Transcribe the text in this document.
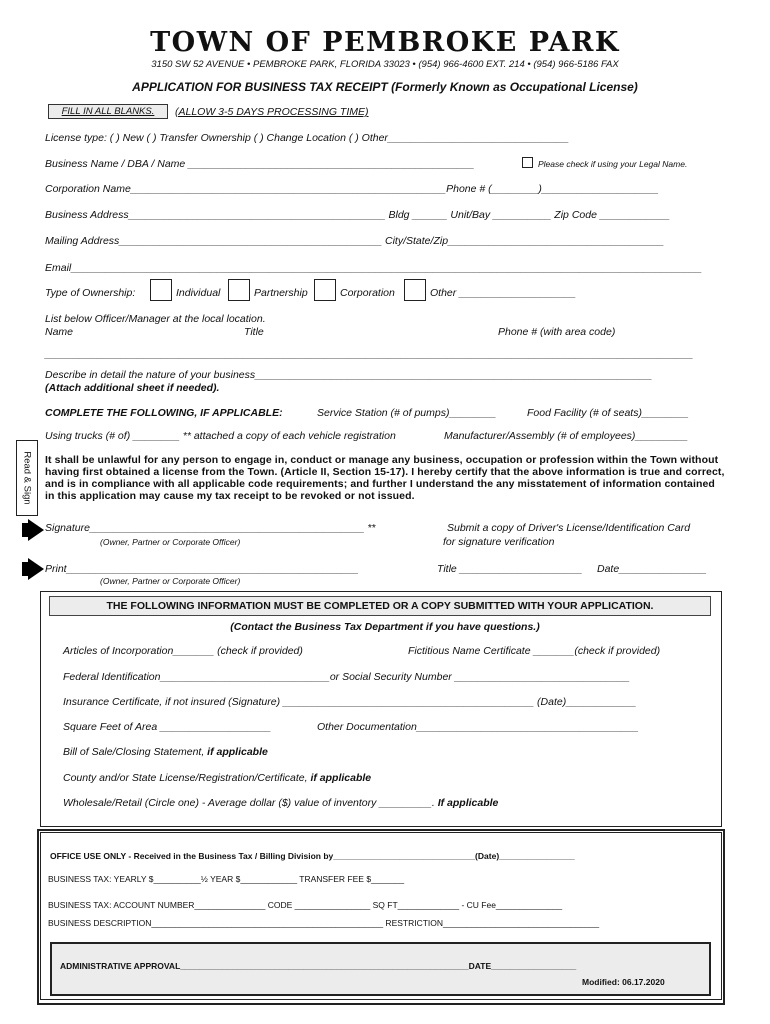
TOWN OF PEMBROKE PARK
3150 SW 52 AVENUE • PEMBROKE PARK, FLORIDA 33023 • (954) 966-4600 EXT. 214 • (954) 966-5186 FAX
APPLICATION FOR BUSINESS TAX RECEIPT (Formerly Known as Occupational License)
FILL IN ALL BLANKS.	(ALLOW 3-5 DAYS PROCESSING TIME)
License type: ( ) New ( ) Transfer Ownership ( ) Change Location ( ) Other_______________________________
Business Name / DBA / Name _________________________________________________	Please check if using your Legal Name.
Corporation Name______________________________________________________Phone # (________)____________________
Business Address____________________________________________ Bldg ______ Unit/Bay __________ Zip Code ____________
Mailing Address_____________________________________________ City/State/Zip_____________________________________
Email____________________________________________________________________________________________________________
Type of Ownership:	Individual	Partnership	Corporation	Other ____________________
List below Officer/Manager at the local location.
Name	Title	Phone # (with area code)
_______________________________________________________________________________________________________________
Describe in detail the nature of your business____________________________________________________________________
(Attach additional sheet if needed).
COMPLETE THE FOLLOWING, IF APPLICABLE:	Service Station (# of pumps)________	Food Facility (# of seats)________
Using trucks (# of) ________ ** attached a copy of each vehicle registration	Manufacturer/Assembly (# of employees)_________
Read & Sign It shall be unlawful for any person to engage in, conduct or manage any business, occupation or profession within the Town without having first obtained a license from the Town. (Article II, Section 15-17). I hereby certify that the above information is true and correct, and is in compliance with all applicable code requirements; and further I understand the any misstatement of information contained in this application may cause my tax receipt to be revoked or not issued.
Signature_______________________________________________ **
(Owner, Partner or Corporate Officer)
Submit a copy of Driver's License/Identification Card
for signature verification
Print__________________________________________________
(Owner, Partner or Corporate Officer)
Title _____________________ Date_______________
THE FOLLOWING INFORMATION MUST BE COMPLETED OR A COPY SUBMITTED WITH YOUR APPLICATION.
(Contact the Business Tax Department if you have questions.)
Articles of Incorporation_______ (check if provided)	Fictitious Name Certificate _______(check if provided)
Federal Identification_____________________________or Social Security Number ______________________________
Insurance Certificate, if not insured (Signature) ___________________________________________ (Date)____________
Square Feet of Area ___________________	Other Documentation______________________________________
Bill of Sale/Closing Statement, if applicable
County and/or State License/Registration/Certificate, if applicable
Wholesale/Retail (Circle one) - Average dollar ($) value of inventory _________. If applicable
OFFICE USE ONLY - Received in the Business Tax / Billing Division by______________________________(Date)________________
BUSINESS TAX: YEARLY $__________½ YEAR $____________ TRANSFER FEE $_______
BUSINESS TAX: ACCOUNT NUMBER_______________ CODE ________________ SQ FT_____________ - CU Fee______________
BUSINESS DESCRIPTION_________________________________________________ RESTRICTION_________________________________
ADMINISTRATIVE APPROVAL_____________________________________________________________DATE__________________
Modified: 06.17.2020
